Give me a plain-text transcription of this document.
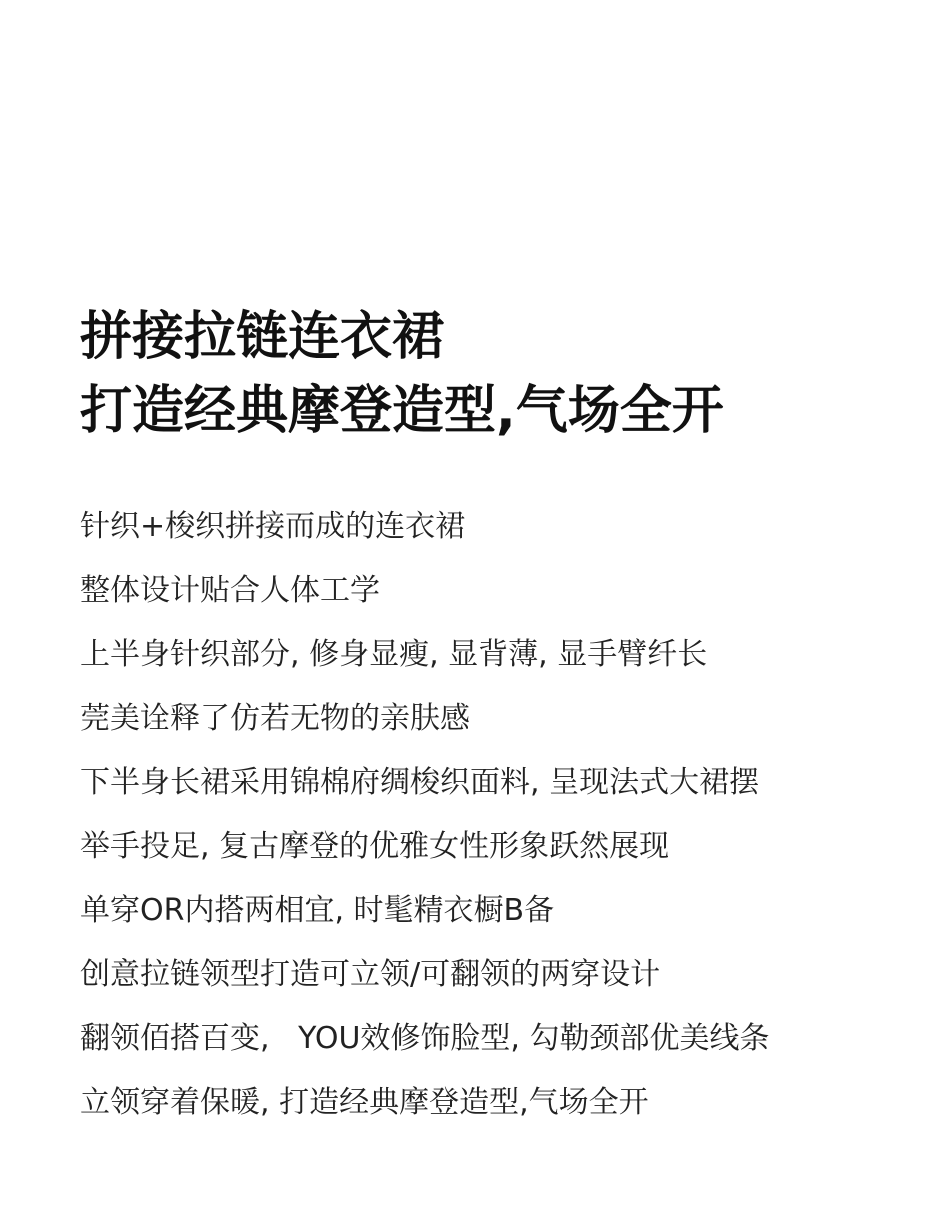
拼接拉链连衣裙
打造经典摩登造型,气场全开
针织+梭织拼接而成的连衣裙
整体设计贴合人体工学
上半身针织部分, 修身显瘦, 显背薄, 显手臂纤长
莞美诠释了仿若无物的亲肤感
下半身长裙采用锦棉府绸梭织面料, 呈现法式大裙摆
举手投足, 复古摩登的优雅女性形象跃然展现
单穿OR内搭两相宜, 时髦精衣橱B备
创意拉链领型打造可立领/可翻领的两穿设计
翻领佰搭百变,   YOU效修饰脸型, 勾勒颈部优美线条
立领穿着保暖, 打造经典摩登造型,气场全开
